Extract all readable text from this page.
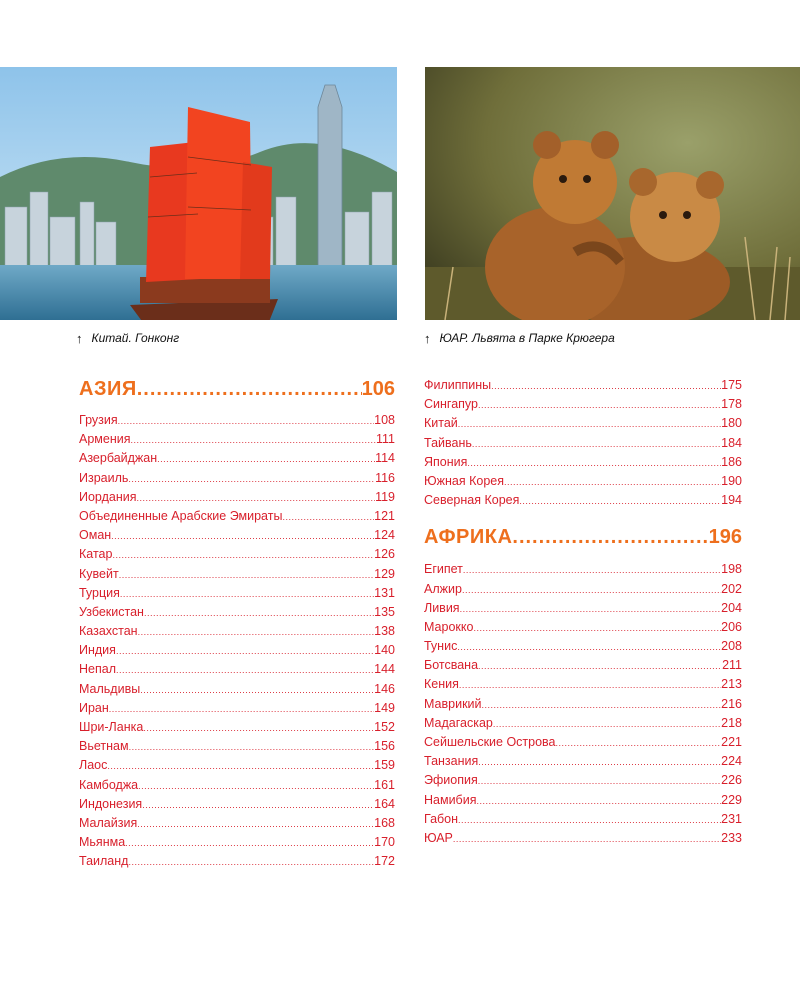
↑ Китай. Гонконг	↑ ЮАР. Львята в Парке Крюгера
АЗИЯ .....	106
Грузия .....	108
Армения .....	111
Азербайджан .....	114
Израиль .....	116
Иордания .....	119
Объединенные Арабские Эмираты .....	121
Оман .....	124
Катар .....	126
Кувейт .....	129
Турция .....	131
Узбекистан .....	135
Казахстан .....	138
Индия .....	140
Непал .....	144
Мальдивы .....	146
Иран .....	149
Шри-Ланка .....	152
Вьетнам .....	156
Лаос .....	159
Камбоджа .....	161
Индонезия .....	164
Малайзия .....	168
Мьянма .....	170
Таиланд .....	172
Филиппины .....	175
Сингапур .....	178
Китай .....	180
Тайвань .....	184
Япония .....	186
Южная Корея .....	190
Северная Корея .....	194
АФРИКА .....	196
Египет .....	198
Алжир .....	202
Ливия .....	204
Марокко .....	206
Тунис .....	208
Ботсвана .....	211
Кения .....	213
Маврикий .....	216
Мадагаскар .....	218
Сейшельские Острова .....	221
Танзания .....	224
Эфиопия .....	226
Намибия .....	229
Габон .....	231
ЮАР .....	233
